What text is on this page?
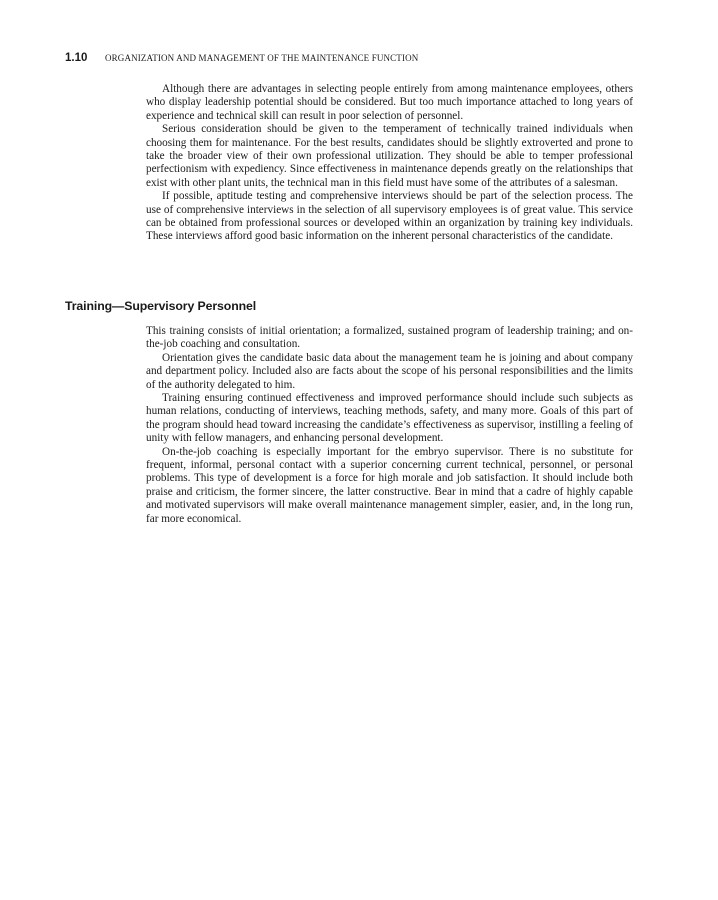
1.10	ORGANIZATION AND MANAGEMENT OF THE MAINTENANCE FUNCTION

Although there are advantages in selecting people entirely from among maintenance employees, others who display leadership potential should be considered. But too much importance attached to long years of experience and technical skill can result in poor selection of personnel.

Serious consideration should be given to the temperament of technically trained individuals when choosing them for maintenance. For the best results, candidates should be slightly extroverted and prone to take the broader view of their own professional utilization. They should be able to temper professional perfectionism with expediency. Since effectiveness in maintenance depends greatly on the relationships that exist with other plant units, the technical man in this field must have some of the attributes of a salesman.

If possible, aptitude testing and comprehensive interviews should be part of the selection process. The use of comprehensive interviews in the selection of all supervisory employees is of great value. This service can be obtained from professional sources or developed within an organization by training key individuals. These interviews afford good basic information on the inherent personal characteristics of the candidate.

Training—Supervisory Personnel

This training consists of initial orientation; a formalized, sustained program of leadership training; and on-the-job coaching and consultation.

Orientation gives the candidate basic data about the management team he is joining and about company and department policy. Included also are facts about the scope of his personal responsibilities and the limits of the authority delegated to him.

Training ensuring continued effectiveness and improved performance should include such subjects as human relations, conducting of interviews, teaching methods, safety, and many more. Goals of this part of the program should head toward increasing the candidate’s effectiveness as supervisor, instilling a feeling of unity with fellow managers, and enhancing personal development.

On-the-job coaching is especially important for the embryo supervisor. There is no substitute for frequent, informal, personal contact with a superior concerning current technical, personnel, or personal problems. This type of development is a force for high morale and job satisfaction. It should include both praise and criticism, the former sincere, the latter constructive. Bear in mind that a cadre of highly capable and motivated supervisors will make overall maintenance management simpler, easier, and, in the long run, far more economical.
